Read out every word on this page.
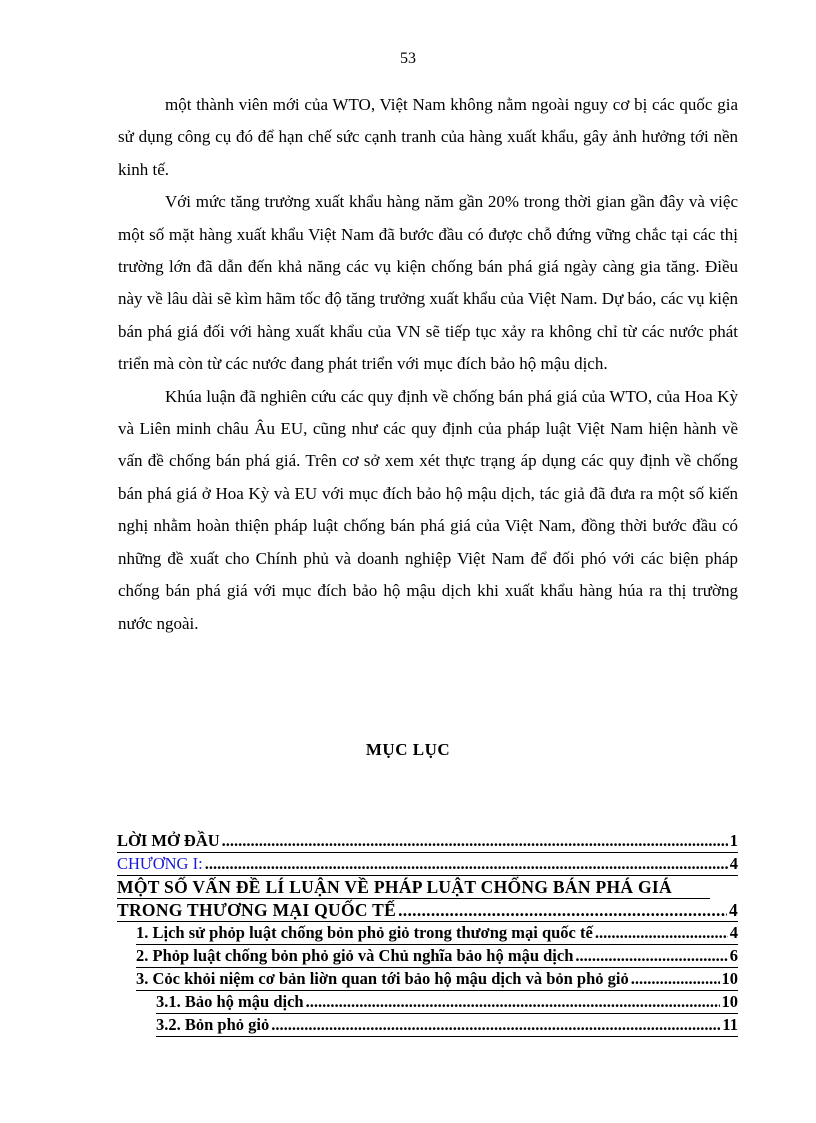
53

một thành viên mới của WTO, Việt Nam không nằm ngoài nguy cơ bị các quốc gia sử dụng công cụ đó để hạn chế sức cạnh tranh của hàng xuất khẩu, gây ảnh hưởng tới nền kinh tế.

Với mức tăng trưởng xuất khẩu hàng năm gần 20% trong thời gian gần đây và việc một số mặt hàng xuất khẩu Việt Nam đã bước đầu có được chỗ đứng vững chắc tại các thị trường lớn đã dẫn đến khả năng các vụ kiện chống bán phá giá ngày càng gia tăng. Điều này về lâu dài sẽ kìm hãm tốc độ tăng trưởng xuất khẩu của Việt Nam. Dự báo, các vụ kiện bán phá giá đối với hàng xuất khẩu của VN sẽ tiếp tục xảy ra không chỉ từ các nước phát triển mà còn từ các nước đang phát triển với mục đích bảo hộ mậu dịch.

Khúa luận đã nghiên cứu các quy định về chống bán phá giá của WTO, của Hoa Kỳ và Liên minh châu Âu EU, cũng như các quy định của pháp luật Việt Nam hiện hành về vấn đề chống bán phá giá. Trên cơ sở xem xét thực trạng áp dụng các quy định về chống bán phá giá ở Hoa Kỳ và EU với mục đích bảo hộ mậu dịch, tác giả đã đưa ra một số kiến nghị nhằm hoàn thiện pháp luật chống bán phá giá của Việt Nam, đồng thời bước đầu có những đề xuất cho Chính phủ và doanh nghiệp Việt Nam để đối phó với các biện pháp chống bán phá giá với mục đích bảo hộ mậu dịch khi xuất khẩu hàng húa ra thị trường nước ngoài.

MỤC LỤC
LỜI MỞ ĐẦU .....	1
CHƯƠNG I: .....	4
MỘT SỐ VẤN ĐỀ LÍ LUẬN VỀ PHÁP LUẬT CHỐNG BÁN PHÁ GIÁ
TRONG THƯƠNG MẠI QUỐC TẾ .....	4
1. Lịch sử phỏp luật chống bỏn phỏ giỏ trong thương mại quốc tế .....	4
2. Phỏp luật chống bỏn phỏ giỏ và Chủ nghĩa bảo hộ mậu dịch .....	6
3. Cỏc khỏi niệm cơ bản liờn quan tới bảo hộ mậu dịch và bỏn phỏ giỏ .....	10
3.1. Bảo hộ mậu dịch .....	10
3.2. Bỏn phỏ giỏ .....	11
